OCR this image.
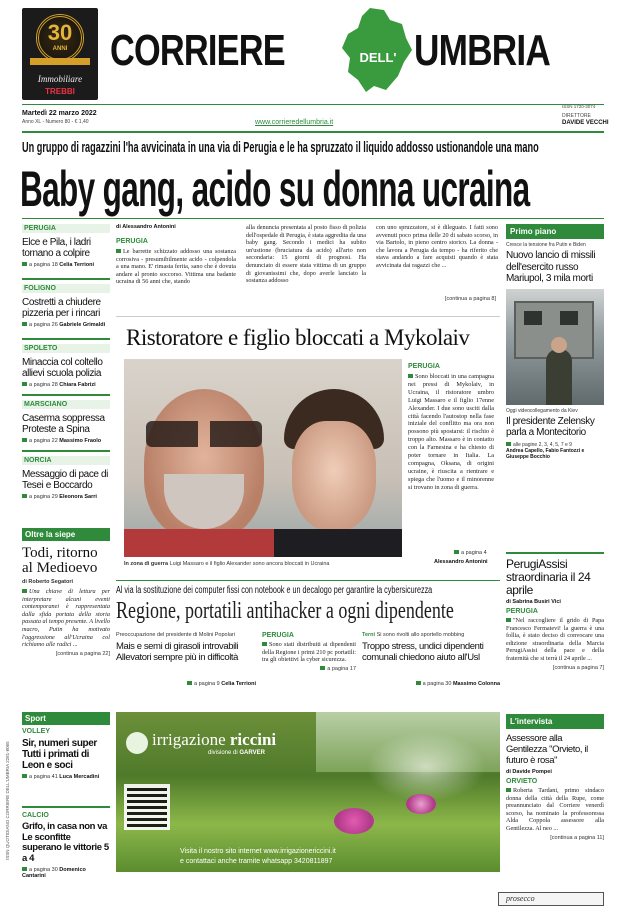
30
ANNI
Immobiliare
TREBBI
CORRIERE	DELL' UMBRIA
Martedì 22 marzo 2022
Anno XL - Numero 80 - € 1,40	www.corrieredellumbria.it
ISSN 1720-3074
DIRETTORE
DAVIDE VECCHI
Un gruppo di ragazzini l'ha avvicinata in una via di Perugia e le ha spruzzato il liquido addosso ustionandole una mano
Baby gang, acido su donna ucraina
PERUGIA
Elce e Pila, i ladri tornano a colpire
a pagina 18 Celia Terrioni
FOLIGNO
Costretti a chiudere pizzeria per i rincari
a pagina 26 Gabriele Grimaldi
SPOLETO
Minaccia col coltello allievi scuola polizia
a pagina 28 Chiara Fabrizi
MARSCIANO
Caserma soppressa Proteste a Spina
a pagina 22 Massimo Fraolo
NORCIA
Messaggio di pace di Tesei e Boccardo
a pagina 29 Eleonora Sarri
Oltre la siepe
Todi, ritorno al Medioevo
di Roberto Segatori
Una chiave di lettura per interpretare alcuni eventi contemporanei è rappresentata dalla sfida portata della storia passata al tempo presente. A livello macro, Putin ha motivato l'aggressione all'Ucraina col richiamo alle radici ...
[continua a pagina 22]
Sport
VOLLEY
Sir, numeri super Tutti i primati di Leon e soci
a pagina 41 Luca Mercadini
CALCIO
Grifo, in casa non va Le sconfitte superano le vittorie 5 a 4
a pagina 30 Domenico Cantarini
ISSN QUOTIDIANO CORRIERE DELL'UMBRIA 2281-8065
di Alessandro Antonini
PERUGIA
Le barrette schizzato addosso una sostanza corrosiva - presumibilmente acido - colpendola a una mano. E' rimasta ferita, sano che è dovuta andare al pronto soccorso. Vittima una badante ucraina di 56 anni che, stando
alla denuncia presentata al posto fisso di polizia dell'ospedale di Perugia, è stata aggredita da una baby gang. Secondo i medici ha subito un'ustione (bruciatura da acido) all'arto non secondaria: 15 giorni di prognosi. Ha denunciato di essere stata vittima di un gruppo di giovanissimi che, dopo averle lanciato la sostanza addosso
con uno spruzzatore, si è dileguato. I fatti sono avvenuti poco prima delle 20 di sabato scorso, in via Bartolo, in pieno centro storico. La donna - che lavora a Perugia da tempo - ha riferito che stava andando a fare acquisti quando è stata avvicinata dai ragazzi che ...
[continua a pagina 8]
Ristoratore e figlio bloccati a Mykolaiv
In zona di guerra Luigi Massaro e il figlio Alexander sono ancora bloccati in Ucraina
PERUGIA
Sono bloccati in una campagna nei pressi di Mykolaiv, in Ucraina, il ristoratore umbro Luigi Massaro e il figlio 17enne Alexander. I due sono usciti dalla città facendo l'autostop nella fase iniziale del conflitto ma ora non possono più spostarsi: il rischio è troppo alto. Massaro è in contatto con la Farnesina e ha chiesto di poter tornare in Italia. La compagna, Oksana, di origini ucraine, è riuscita a rientrare e spiega che l'uomo e il minorenne si trovano in zona di guerra.
a pagina 4
Alessandro Antonini
Primo piano
Cresce la tensione fra Putin e Biden
Nuovo lancio di missili dell'esercito russo Mariupol, 3 mila morti
Oggi videocollegamento da Kiev
Il presidente Zelensky parla a Montecitorio
alle pagine 2, 3, 4, 5, 7 e 9
Andrea Capello, Fabio Fantozzi e Giuseppe Bocchio
PerugiAssisi straordinaria il 24 aprile
di Sabrina Busiri Vici
PERUGIA
"Nel raccogliere il grido di Papa Francesco Fermatevi! la guerra è una follia, è stato deciso di convocare una edizione straordinaria della Marcia PerugiAssisi della pace e della fraternità che si terrà il 24 aprile ...
[continua a pagina 7]
Al via la sostituzione dei computer fissi con notebook e un decalogo per garantire la cybersicurezza
Regione, portatili antihacker a ogni dipendente
Preoccupazione del presidente di Molini Popolari
Mais e semi di girasoli introvabili Allevatori sempre più in difficoltà
a pagina 9 Celia Terrioni
PERUGIA
Sono stati distribuiti ai dipendenti della Regione i primi 210 pc portatili: tra gli obiettivi la cyber sicurezza.
a pagina 17
Terni Si sono rivolti allo sportello mobbing
Troppo stress, undici dipendenti comunali chiedono aiuto all'Usl
a pagina 30 Massimo Colonna
irrigazione riccini
divisione di GARVER
Visita il nostro sito internet www.irrigazionericcini.it
e contattaci anche tramite whatsapp 3420811897
L'intervista
Assessore alla Gentilezza "Orvieto, il futuro è rosa"
di Davide Pompei
ORVIETO
Roberta Tardani, primo sindaco donna della città della Rupe, come preannunciato dal Corriere venerdì scorso, ha nominato la professoressa Alda Coppola assessore alla Gentilezza. Al neo ...
[continua a pagina 11]
prosecco
